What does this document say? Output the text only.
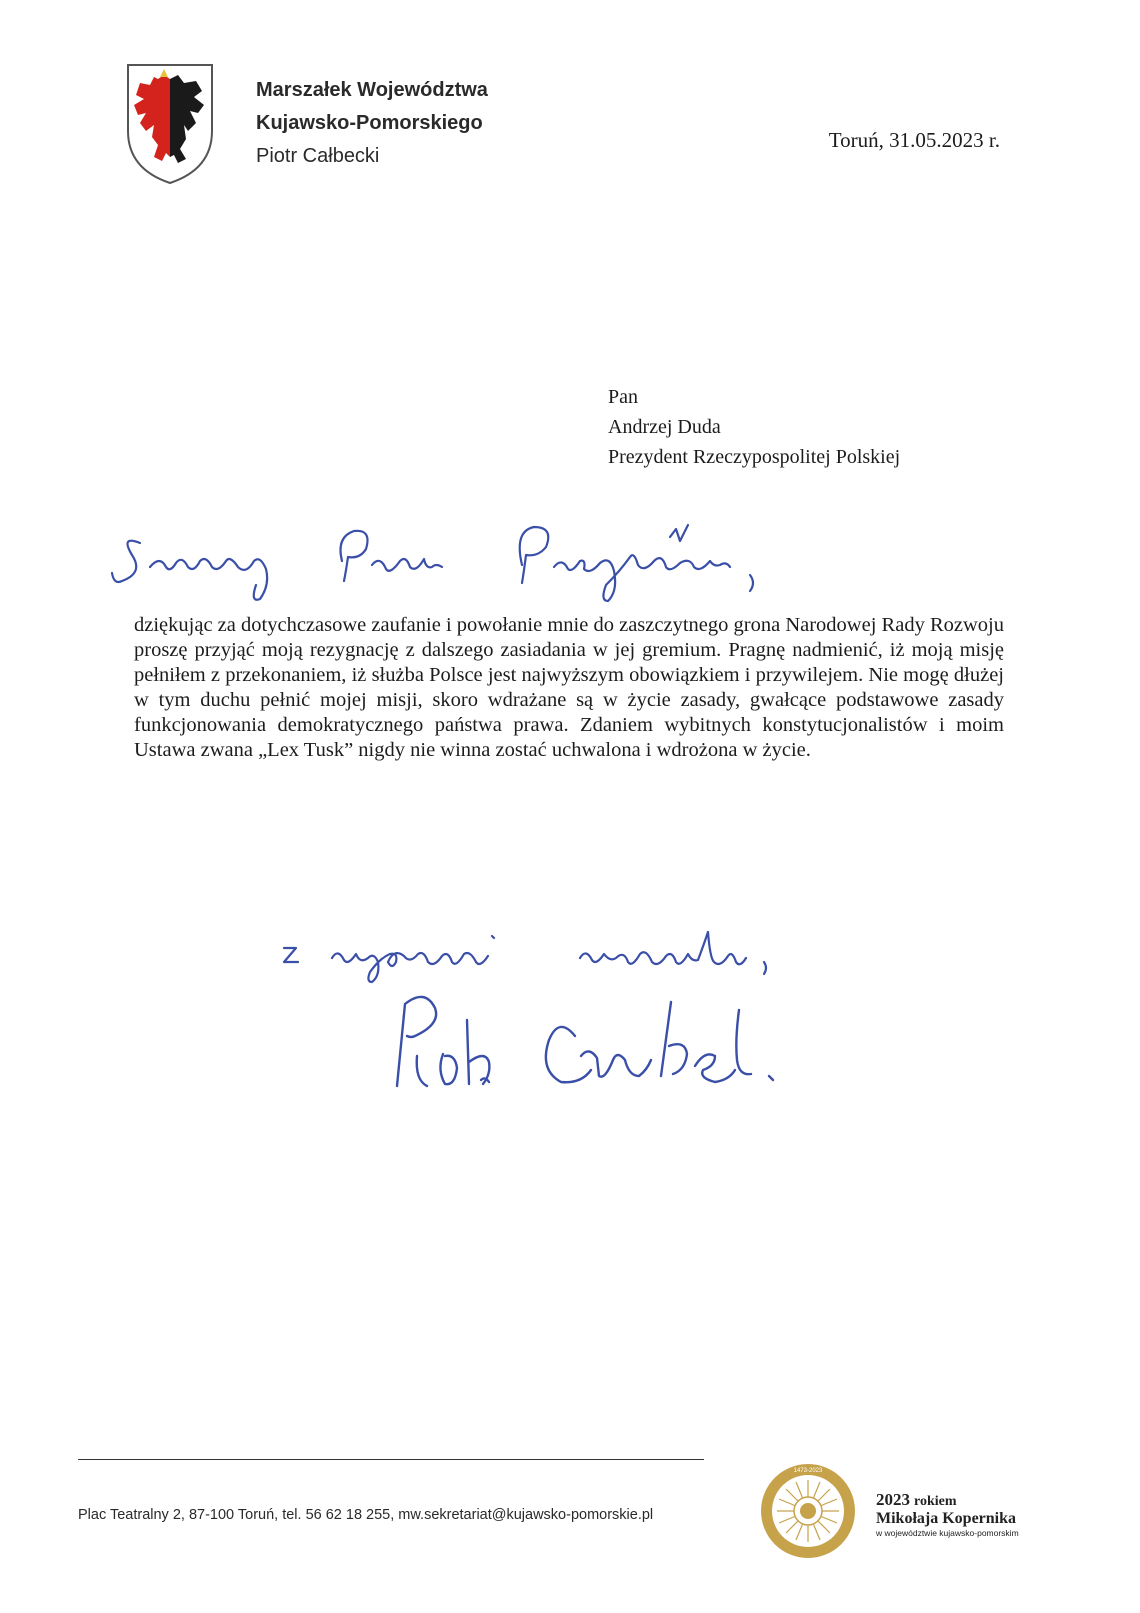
Marszałek Województwa
Kujawsko-Pomorskiego
Piotr Całbecki
Toruń, 31.05.2023 r.
Pan
Andrzej Duda
Prezydent Rzeczypospolitej Polskiej
Szanowny Panie Prezydencie,
dziękując za dotychczasowe zaufanie i powołanie mnie do zaszczytnego grona Narodowej Rady Rozwoju proszę przyjąć moją rezygnację z dalszego zasiadania w jej gremium. Pragnę nadmienić, iż moją misję pełniłem z przekonaniem, iż służba Polsce jest najwyższym obowiązkiem i przywilejem. Nie mogę dłużej w tym duchu pełnić mojej misji, skoro wdrażane są w życie zasady, gwałcące podstawowe zasady funkcjonowania demokratycznego państwa prawa. Zdaniem wybitnych konstytucjonalistów i moim Ustawa zwana „Lex Tusk” nigdy nie winna zostać uchwalona i wdrożona w życie.
z wyrazami szacunku,
Piotr Całbecki
Plac Teatralny 2, 87-100 Toruń, tel. 56 62 18 255, mw.sekretariat@kujawsko-pomorskie.pl
1473-2023
2023 rokiem
Mikołaja Kopernika
w województwie kujawsko-pomorskim
